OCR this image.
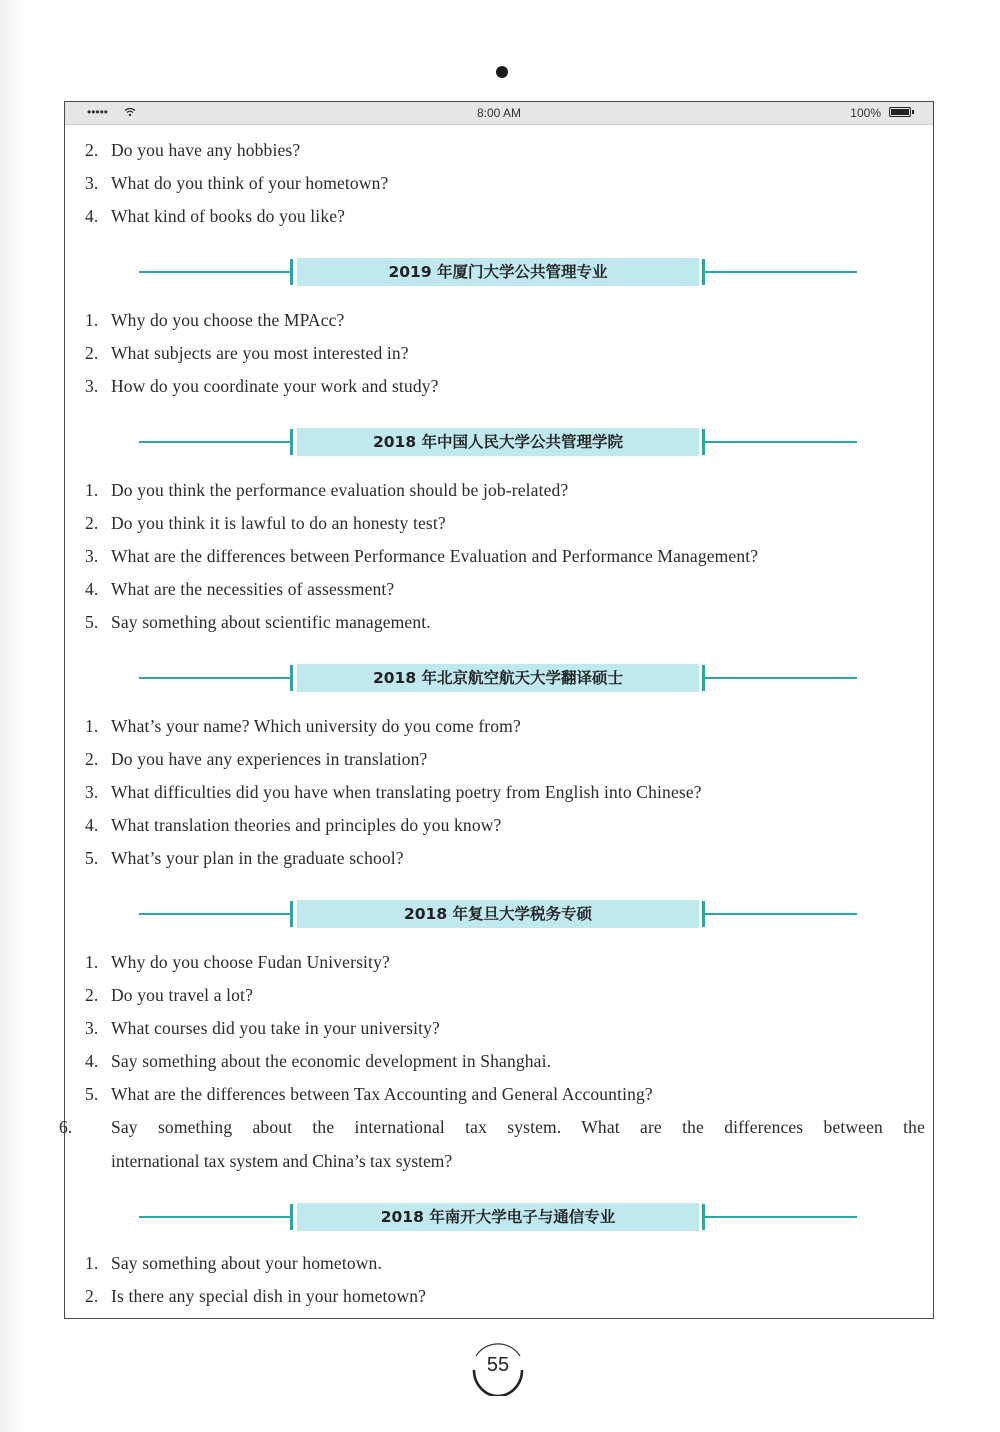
•••••	8:00 AM	100%
2. Do you have any hobbies?
3. What do you think of your hometown?
4. What kind of books do you like?
2019 年厦门大学公共管理专业
1. Why do you choose the MPAcc?
2. What subjects are you most interested in?
3. How do you coordinate your work and study?
2018 年中国人民大学公共管理学院
1. Do you think the performance evaluation should be job-related?
2. Do you think it is lawful to do an honesty test?
3. What are the differences between Performance Evaluation and Performance Management?
4. What are the necessities of assessment?
5. Say something about scientific management.
2018 年北京航空航天大学翻译硕士
1. What’s your name? Which university do you come from?
2. Do you have any experiences in translation?
3. What difficulties did you have when translating poetry from English into Chinese?
4. What translation theories and principles do you know?
5. What’s your plan in the graduate school?
2018 年复旦大学税务专硕
1. Why do you choose Fudan University?
2. Do you travel a lot?
3. What courses did you take in your university?
4. Say something about the economic development in Shanghai.
5. What are the differences between Tax Accounting and General Accounting?
6. Say something about the international tax system. What are the differences between the
international tax system and China’s tax system?
2018 年南开大学电子与通信专业
1. Say something about your hometown.
2. Is there any special dish in your hometown?
55
